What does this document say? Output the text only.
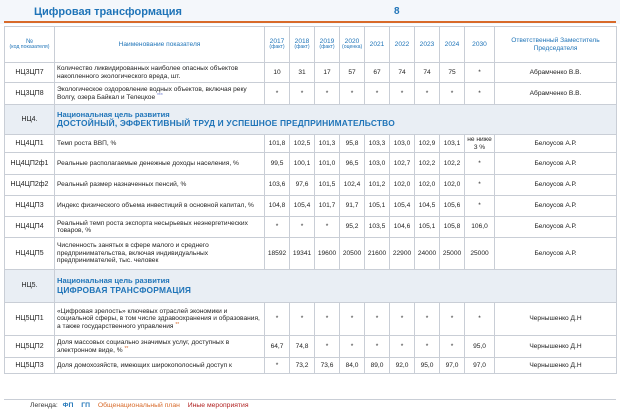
Цифровая трансформация	8
№
(код показателя)	Наименование показателя	2017
(факт)	2018
(факт)	2019
(факт)	2020
(оценка)	2021	2022	2023	2024	2030	Ответственный Заместитель Председателя
НЦ3ЦП7	Количество ликвидированных наиболее опасных объектов накопленного экологического вреда, шт.	10	31	17	57	67	74	74	75	*	Абрамченко В.В.
НЦ3ЦП8	Экологическое оздоровление водных объектов, включая реку Волгу, озера Байкал и Телецкое ***	*	*	*	*	*	*	*	*	*	Абрамченко В.В.
НЦ4.	Национальная цель развития
ДОСТОЙНЫЙ, ЭФФЕКТИВНЫЙ ТРУД И УСПЕШНОЕ ПРЕДПРИНИМАТЕЛЬСТВО										

НЦ4ЦП1	Темп роста ВВП, %	101,8	102,5	101,3	95,8	103,3	103,0	102,9	103,1	не ниже 3 %	Белоусов А.Р.
НЦ4ЦП2ф1	Реальные располагаемые денежные доходы населения, %	99,5	100,1	101,0	96,5	103,0	102,7	102,2	102,2	*	Белоусов А.Р.
НЦ4ЦП2ф2	Реальный размер назначенных пенсий, %	103,6	97,6	101,5	102,4	101,2	102,0	102,0	102,0	*	Белоусов А.Р.
НЦ4ЦП3	Индекс физического объема инвестиций в основной капитал, %	104,8	105,4	101,7	91,7	105,1	105,4	104,5	105,6	*	Белоусов А.Р.
НЦ4ЦП4	Реальный темп роста экспорта несырьевых неэнергетических товаров, %	*	*	*	95,2	103,5	104,6	105,1	105,8	106,0	Белоусов А.Р.
НЦ4ЦП5	Численность занятых в сфере малого и среднего предпринимательства, включая индивидуальных предпринимателей, тыс. человек	18592	19341	19600	20500	21600	22900	24000	25000	25000	Белоусов А.Р.
НЦ5.	Национальная цель развития
ЦИФРОВАЯ ТРАНСФОРМАЦИЯ										

НЦ5ЦП1	«Цифровая зрелость» ключевых отраслей экономики и социальной сферы, в том числе здравоохранения и образования, а также государственного управления **	*	*	*	*	*	*	*	*	*	Чернышенко Д.Н
НЦ5ЦП2	Доля массовых социально значимых услуг, доступных в электронном виде, % **	64,7	74,8	*	*	*	*	*	*	95,0	Чернышенко Д.Н
НЦ5ЦП3	Доля домохозяйств, имеющих широкополосный доступ к	*	73,2	73,6	84,0	89,0	92,0	95,0	97,0	97,0	Чернышенко Д.Н
Легенда: ФП ГП Общенациональный план Иные мероприятия
